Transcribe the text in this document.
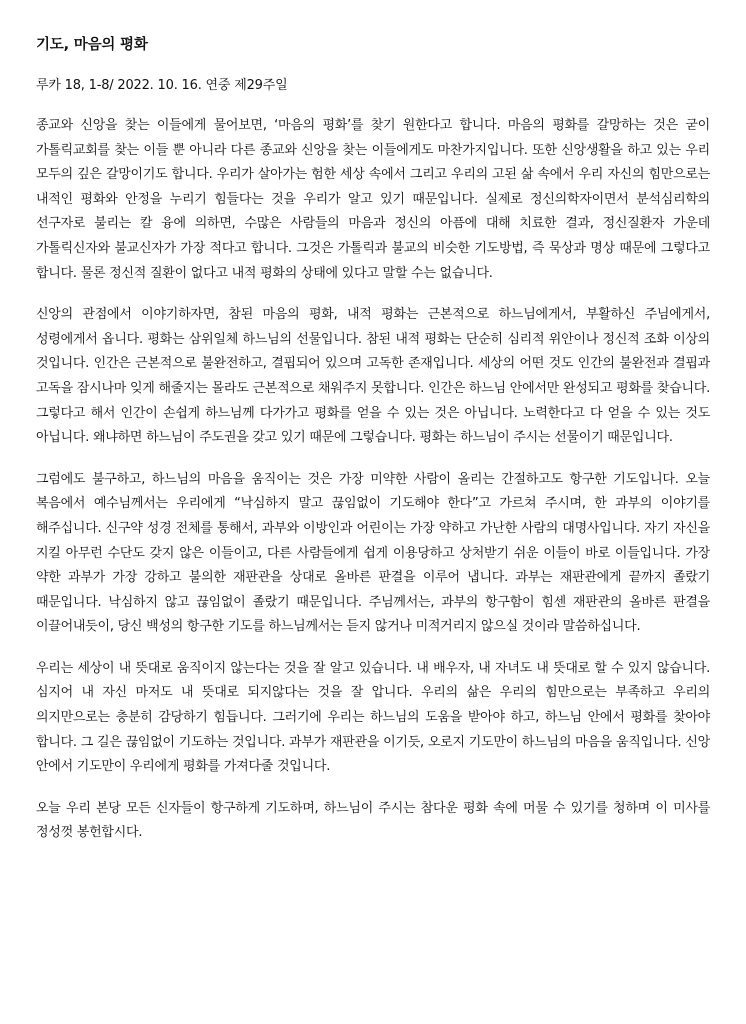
기도, 마음의 평화
루카 18, 1-8/ 2022. 10. 16. 연중 제29주일

종교와 신앙을 찾는 이들에게 물어보면, ‘마음의 평화’를 찾기 원한다고 합니다. 마음의 평화를 갈망하는 것은 굳이 가톨릭교회를 찾는 이들 뿐 아니라 다른 종교와 신앙을 찾는 이들에게도 마찬가지입니다. 또한 신앙생활을 하고 있는 우리 모두의 깊은 갈망이기도 합니다. 우리가 살아가는 험한 세상 속에서 그리고 우리의 고된 삶 속에서 우리 자신의 힘만으로는 내적인 평화와 안정을 누리기 힘들다는 것을 우리가 알고 있기 때문입니다. 실제로 정신의학자이면서 분석심리학의 선구자로 불리는 칼 융에 의하면, 수많은 사람들의 마음과 정신의 아픔에 대해 치료한 결과, 정신질환자 가운데 가톨릭신자와 불교신자가 가장 적다고 합니다. 그것은 가톨릭과 불교의 비슷한 기도방법, 즉 묵상과 명상 때문에 그렇다고 합니다. 물론 정신적 질환이 없다고 내적 평화의 상태에 있다고 말할 수는 없습니다.

신앙의 관점에서 이야기하자면, 참된 마음의 평화, 내적 평화는 근본적으로 하느님에게서, 부활하신 주님에게서, 성령에게서 옵니다. 평화는 삼위일체 하느님의 선물입니다. 참된 내적 평화는 단순히 심리적 위안이나 정신적 조화 이상의 것입니다. 인간은 근본적으로 불완전하고, 결핍되어 있으며 고독한 존재입니다. 세상의 어떤 것도 인간의 불완전과 결핍과 고독을 잠시나마 잊게 해줄지는 몰라도 근본적으로 채워주지 못합니다. 인간은 하느님 안에서만 완성되고 평화를 찾습니다. 그렇다고 해서 인간이 손쉽게 하느님께 다가가고 평화를 얻을 수 있는 것은 아닙니다. 노력한다고 다 얻을 수 있는 것도 아닙니다. 왜냐하면 하느님이 주도권을 갖고 있기 때문에 그렇습니다. 평화는 하느님이 주시는 선물이기 때문입니다.

그럼에도 불구하고, 하느님의 마음을 움직이는 것은 가장 미약한 사람이 올리는 간절하고도 항구한 기도입니다. 오늘 복음에서 예수님께서는 우리에게 “낙심하지 말고 끊임없이 기도해야 한다”고 가르쳐 주시며, 한 과부의 이야기를 해주십니다. 신구약 성경 전체를 통해서, 과부와 이방인과 어린이는 가장 약하고 가난한 사람의 대명사입니다. 자기 자신을 지킬 아무런 수단도 갖지 않은 이들이고, 다른 사람들에게 쉽게 이용당하고 상처받기 쉬운 이들이 바로 이들입니다. 가장 약한 과부가 가장 강하고 불의한 재판관을 상대로 올바른 판결을 이루어 냅니다. 과부는 재판관에게 끝까지 졸랐기 때문입니다. 낙심하지 않고 끊임없이 졸랐기 때문입니다. 주님께서는, 과부의 항구함이 힘센 재판관의 올바른 판결을 이끌어내듯이, 당신 백성의 항구한 기도를 하느님께서는 듣지 않거나 미적거리지 않으실 것이라 말씀하십니다.

우리는 세상이 내 뜻대로 움직이지 않는다는 것을 잘 알고 있습니다. 내 배우자, 내 자녀도 내 뜻대로 할 수 있지 않습니다. 심지어 내 자신 마저도 내 뜻대로 되지않다는 것을 잘 압니다. 우리의 삶은 우리의 힘만으로는 부족하고 우리의 의지만으로는 충분히 감당하기 힘듭니다. 그러기에 우리는 하느님의 도움을 받아야 하고, 하느님 안에서 평화를 찾아야 합니다. 그 길은 끊임없이 기도하는 것입니다. 과부가 재판관을 이기듯, 오로지 기도만이 하느님의 마음을 움직입니다. 신앙 안에서 기도만이 우리에게 평화를 가져다줄 것입니다.

오늘 우리 본당 모든 신자들이 항구하게 기도하며, 하느님이 주시는 참다운 평화 속에 머물 수 있기를 청하며 이 미사를 정성껏 봉헌합시다.
